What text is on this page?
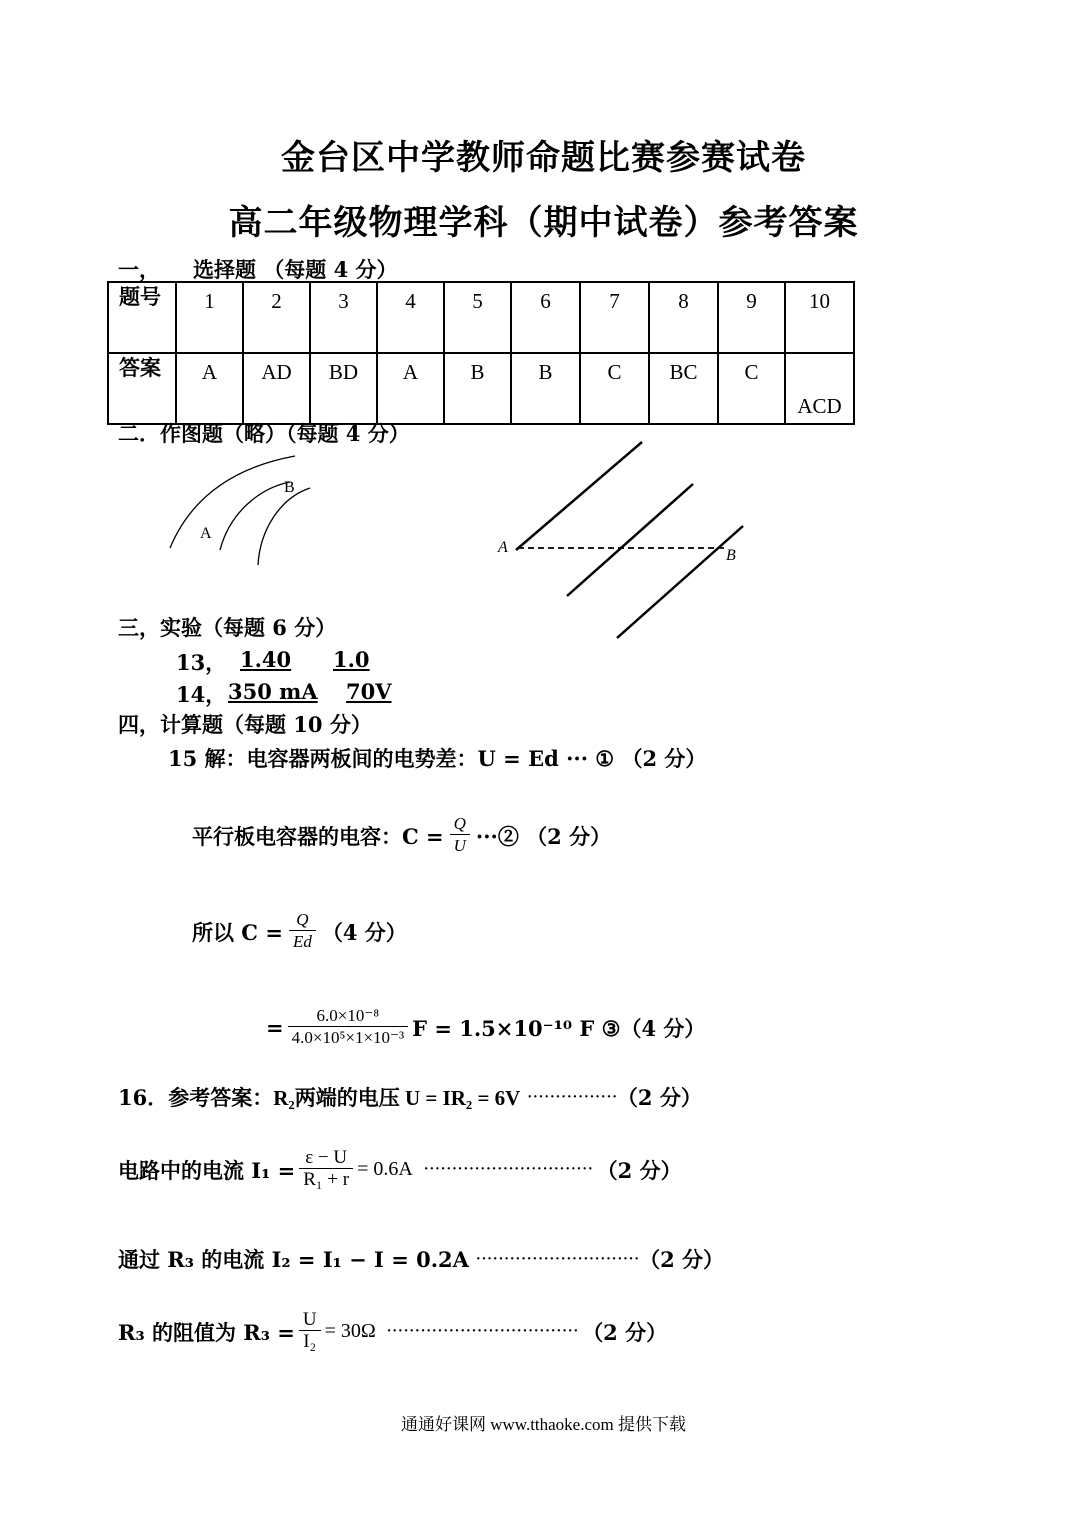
金台区中学教师命题比赛参赛试卷
高二年级物理学科（期中试卷）参考答案
一， 选择题 （每题 4 分）
题号	1	2	3	4	5	6	7	8	9	10
答案	A	AD	BD	A	B	B	C	BC	C	ACD
二．作图题（略）（每题 4 分）
A
B
A	B
三，实验（每题 6 分）
13， 1.40 1.0
14， 350 mA 70V
四，计算题（每题 10 分）
15 解：电容器两板间的电势差：U = Ed ··· ① （2 分）
平行板电容器的电容：$C = \frac{Q}{U}$ ···② （2 分）
所以 $C = \frac{Q}{Ed} (4$ 分）
= $\frac{\text{6.0×10⁻⁸}}{\text{4.0×10⁵×1×10⁻³}}$ F = 1.5×10⁻¹⁰ F ③（4 分）
16．参考答案： R₂两端的电压 U = IR₂ = 6V ················ （2 分）
电路中的电流 $I_1 = \frac{\varepsilon - U}{\text{R₁ + r}} = 0.6A$ ······························ （2 分）
通过 R₃ 的电流 I₂ = I₁ − I = 0.2A ····························· （2 分）
R₃ 的阻值为 $R_3 = \frac{U}{\text{I₂}} = 30\Omega$ ·································· （2 分）
通通好课网 www.tthaoke.com 提供下载
